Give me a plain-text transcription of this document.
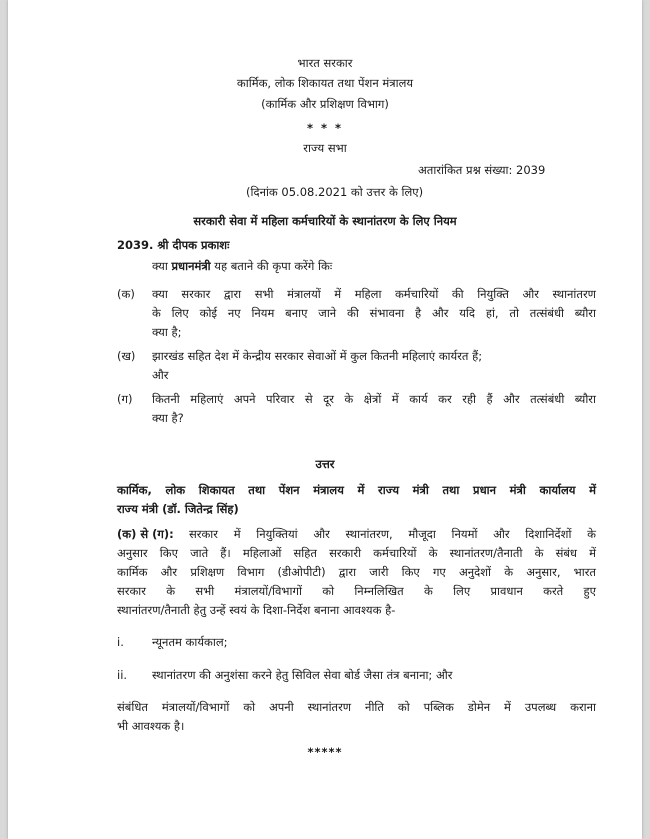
भारत सरकार
कार्मिक, लोक शिकायत तथा पेंशन मंत्रालय
(कार्मिक और प्रशिक्षण विभाग)
* * *
राज्य सभा
अतारांकित प्रश्न संख्या: 2039
(दिनांक 05.08.2021 को उत्तर के लिए)
सरकारी सेवा में महिला कर्मचारियों के स्थानांतरण के लिए नियम
2039. श्री दीपक प्रकाशः
क्या प्रधानमंत्री यह बताने की कृपा करेंगे किः
(क) क्या सरकार द्वारा सभी मंत्रालयों में महिला कर्मचारियों की नियुक्ति और स्थानांतरण
के लिए कोई नए नियम बनाए जाने की संभावना है और यदि हां, तो तत्संबंधी ब्यौरा
क्या है;
(ख) झारखंड सहित देश में केन्द्रीय सरकार सेवाओं में कुल कितनी महिलाएं कार्यरत हैं;
और
(ग) कितनी महिलाएं अपने परिवार से दूर के क्षेत्रों में कार्य कर रही हैं और तत्संबंधी ब्यौरा
क्या है?
उत्तर
कार्मिक, लोक शिकायत तथा पेंशन मंत्रालय में राज्य मंत्री तथा प्रधान मंत्री कार्यालय में
राज्य मंत्री (डॉ. जितेन्द्र सिंह)
(क) से (ग): सरकार में नियुक्तियां और स्थानांतरण, मौजूदा नियमों और दिशानिर्देशों के
अनुसार किए जाते हैं। महिलाओं सहित सरकारी कर्मचारियों के स्थानांतरण/तैनाती के संबंध में
कार्मिक और प्रशिक्षण विभाग (डीओपीटी) द्वारा जारी किए गए अनुदेशों के अनुसार, भारत
सरकार के सभी मंत्रालयों/विभागों को निम्नलिखित के लिए प्रावधान करते हुए
स्थानांतरण/तैनाती हेतु उन्हें स्वयं के दिशा-निर्देश बनाना आवश्यक है-
i. न्यूनतम कार्यकाल;
ii. स्थानांतरण की अनुशंसा करने हेतु सिविल सेवा बोर्ड जैसा तंत्र बनाना; और
संबंधित मंत्रालयों/विभागों को अपनी स्थानांतरण नीति को पब्लिक डोमेन में उपलब्ध कराना
भी आवश्यक है।
*****
